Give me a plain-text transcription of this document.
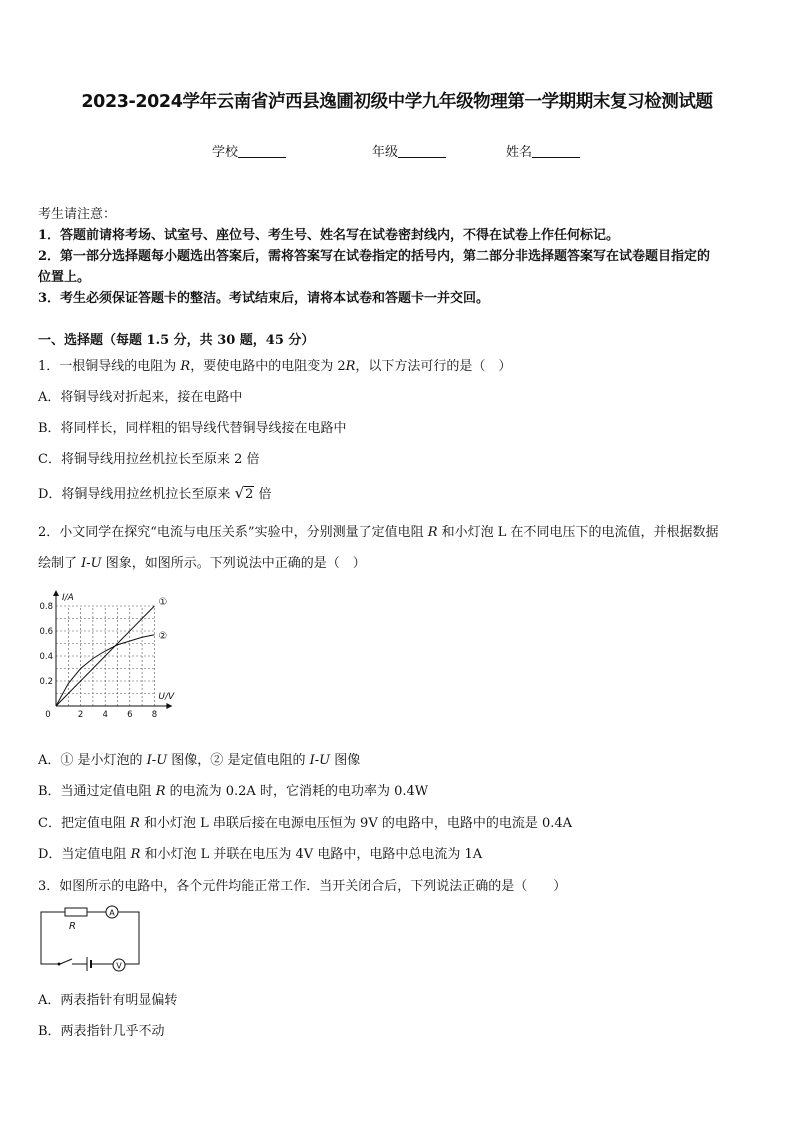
2023-2024学年云南省泸西县逸圃初级中学九年级物理第一学期期末复习检测试题
学校	年级	姓名
考生请注意：
1．答题前请将考场、试室号、座位号、考生号、姓名写在试卷密封线内，不得在试卷上作任何标记。
2．第一部分选择题每小题选出答案后，需将答案写在试卷指定的括号内，第二部分非选择题答案写在试卷题目指定的
位置上。
3．考生必须保证答题卡的整洁。考试结束后，请将本试卷和答题卡一并交回。
一、选择题（每题 1.5 分，共 30 题，45 分）
1．一根铜导线的电阻为 R，要使电路中的电阻变为 2R，以下方法可行的是（　）
A．将铜导线对折起来，接在电路中
B．将同样长，同样粗的铝导线代替铜导线接在电路中
C．将铜导线用拉丝机拉长至原来 2 倍
D．将铜导线用拉丝机拉长至原来 √2 倍
2．小文同学在探究“电流与电压关系”实验中，分别测量了定值电阻 R 和小灯泡 L 在不同电压下的电流值，并根据数据
绘制了 I-U 图象，如图所示。下列说法中正确的是（　）
0	2 4 6 8
0.2
0.4
0.6
0.8
I/A
U/V
①
②
A．① 是小灯泡的 I-U 图像，② 是定值电阻的 I-U 图像
B．当通过定值电阻 R 的电流为 0.2A 时，它消耗的电功率为 0.4W
C．把定值电阻 R 和小灯泡 L 串联后接在电源电压恒为 9V 的电路中，电路中的电流是 0.4A
D．当定值电阻 R 和小灯泡 L 并联在电压为 4V 电路中，电路中总电流为 1A
3．如图所示的电路中，各个元件均能正常工作．当开关闭合后，下列说法正确的是（　　）
R
A
V
A．两表指针有明显偏转
B．两表指针几乎不动
